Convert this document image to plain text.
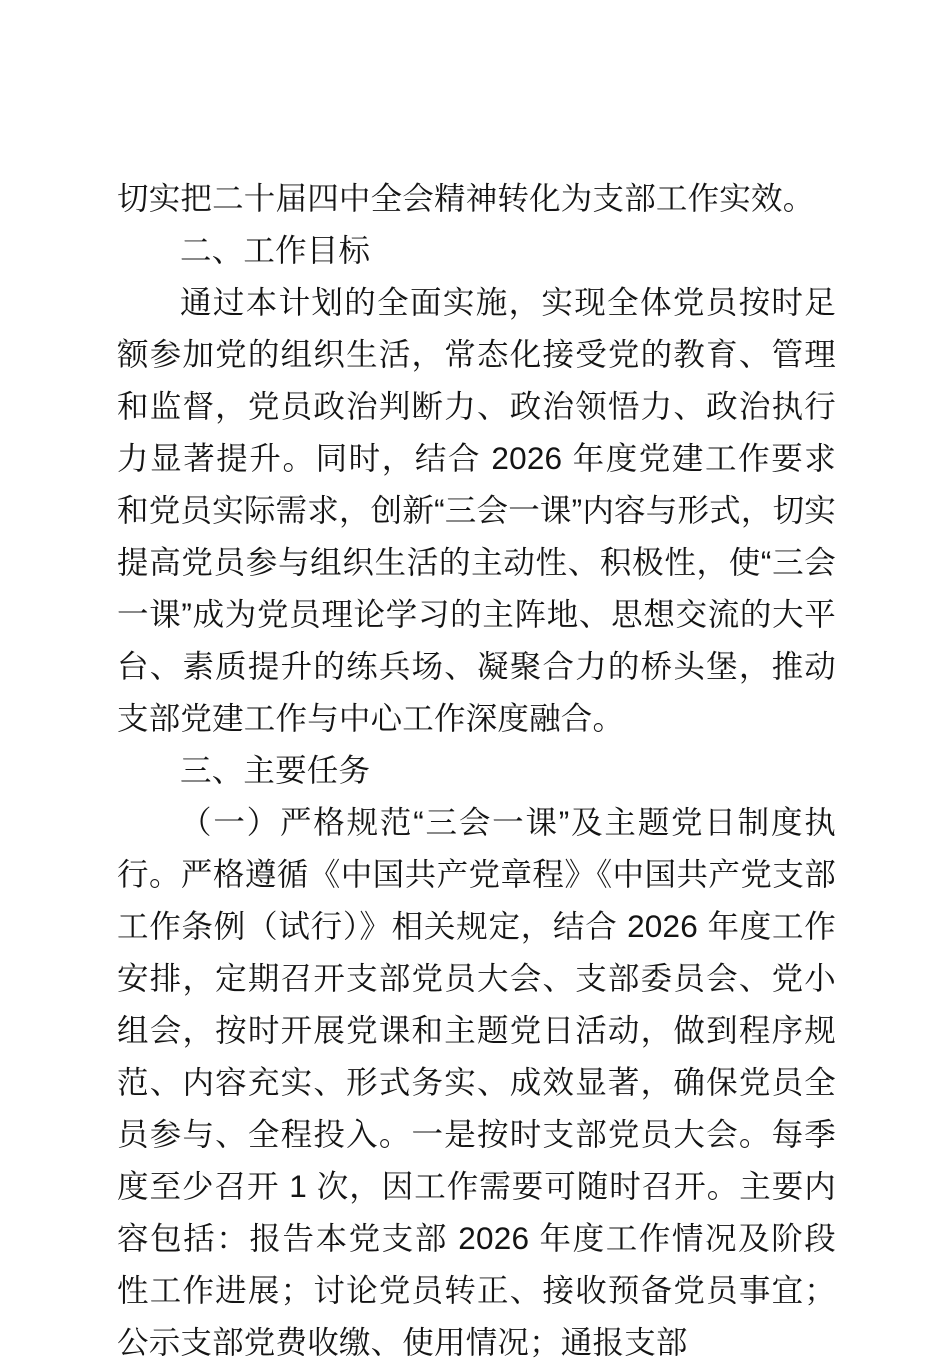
切实把二十届四中全会精神转化为支部工作实效。

二、工作目标

通过本计划的全面实施，实现全体党员按时足额参加党的组织生活，常态化接受党的教育、管理和监督，党员政治判断力、政治领悟力、政治执行力显著提升。同时，结合 2026 年度党建工作要求和党员实际需求，创新“三会一课”内容与形式，切实提高党员参与组织生活的主动性、积极性，使“三会一课”成为党员理论学习的主阵地、思想交流的大平台、素质提升的练兵场、凝聚合力的桥头堡，推动支部党建工作与中心工作深度融合。

三、主要任务

（一）严格规范“三会一课”及主题党日制度执行。严格遵循《中国共产党章程》《中国共产党支部工作条例（试行）》相关规定，结合 2026 年度工作安排，定期召开支部党员大会、支部委员会、党小组会，按时开展党课和主题党日活动，做到程序规范、内容充实、形式务实、成效显著，确保党员全员参与、全程投入。一是按时支部党员大会。每季度至少召开 1 次，因工作需要可随时召开。主要内容包括：报告本党支部 2026 年度工作情况及阶段性工作进展；讨论党员转正、接收预备党员事宜；公示支部党费收缴、使用情况；通报支部
